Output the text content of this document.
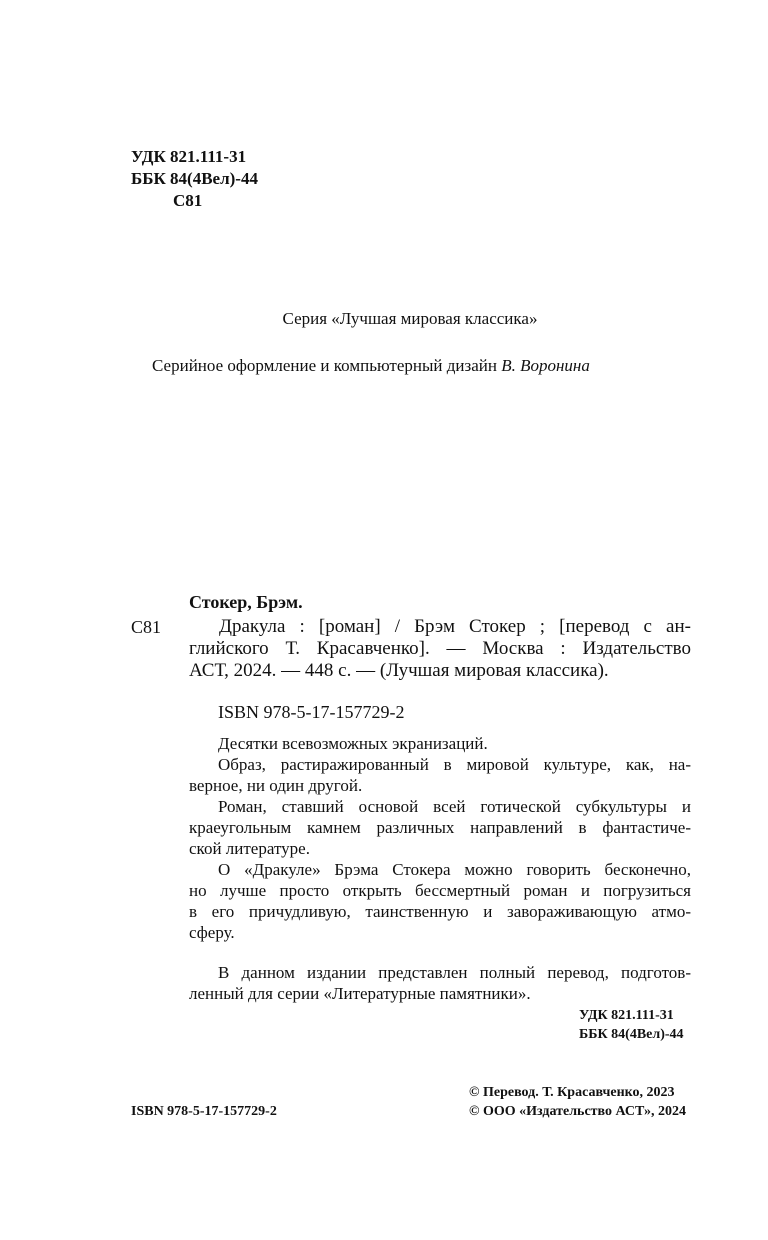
УДК 821.111-31
ББК 84(4Вел)-44
С81
Серия «Лучшая мировая классика»
Серийное оформление и компьютерный дизайн В. Воронина
Стокер, Брэм.
С81	Дракула : [роман] / Брэм Стокер ; [перевод с ан-
глийского Т. Красавченко]. — Москва : Издательство
АСТ, 2024. — 448 с. — (Лучшая мировая классика).
ISBN 978-5-17-157729-2
Десятки всевозможных экранизаций.
Образ, растиражированный в мировой культуре, как, на-
верное, ни один другой.
Роман, ставший основой всей готической субкультуры и
краеугольным камнем различных направлений в фантастиче-
ской литературе.
О «Дракуле» Брэма Стокера можно говорить бесконечно,
но лучше просто открыть бессмертный роман и погрузиться
в его причудливую, таинственную и завораживающую атмо-
сферу.
В данном издании представлен полный перевод, подготов-
ленный для серии «Литературные памятники».
УДК 821.111-31
ББК 84(4Вел)-44
ISBN 978-5-17-157729-2
© Перевод. Т. Красавченко, 2023
© ООО «Издательство АСТ», 2024
